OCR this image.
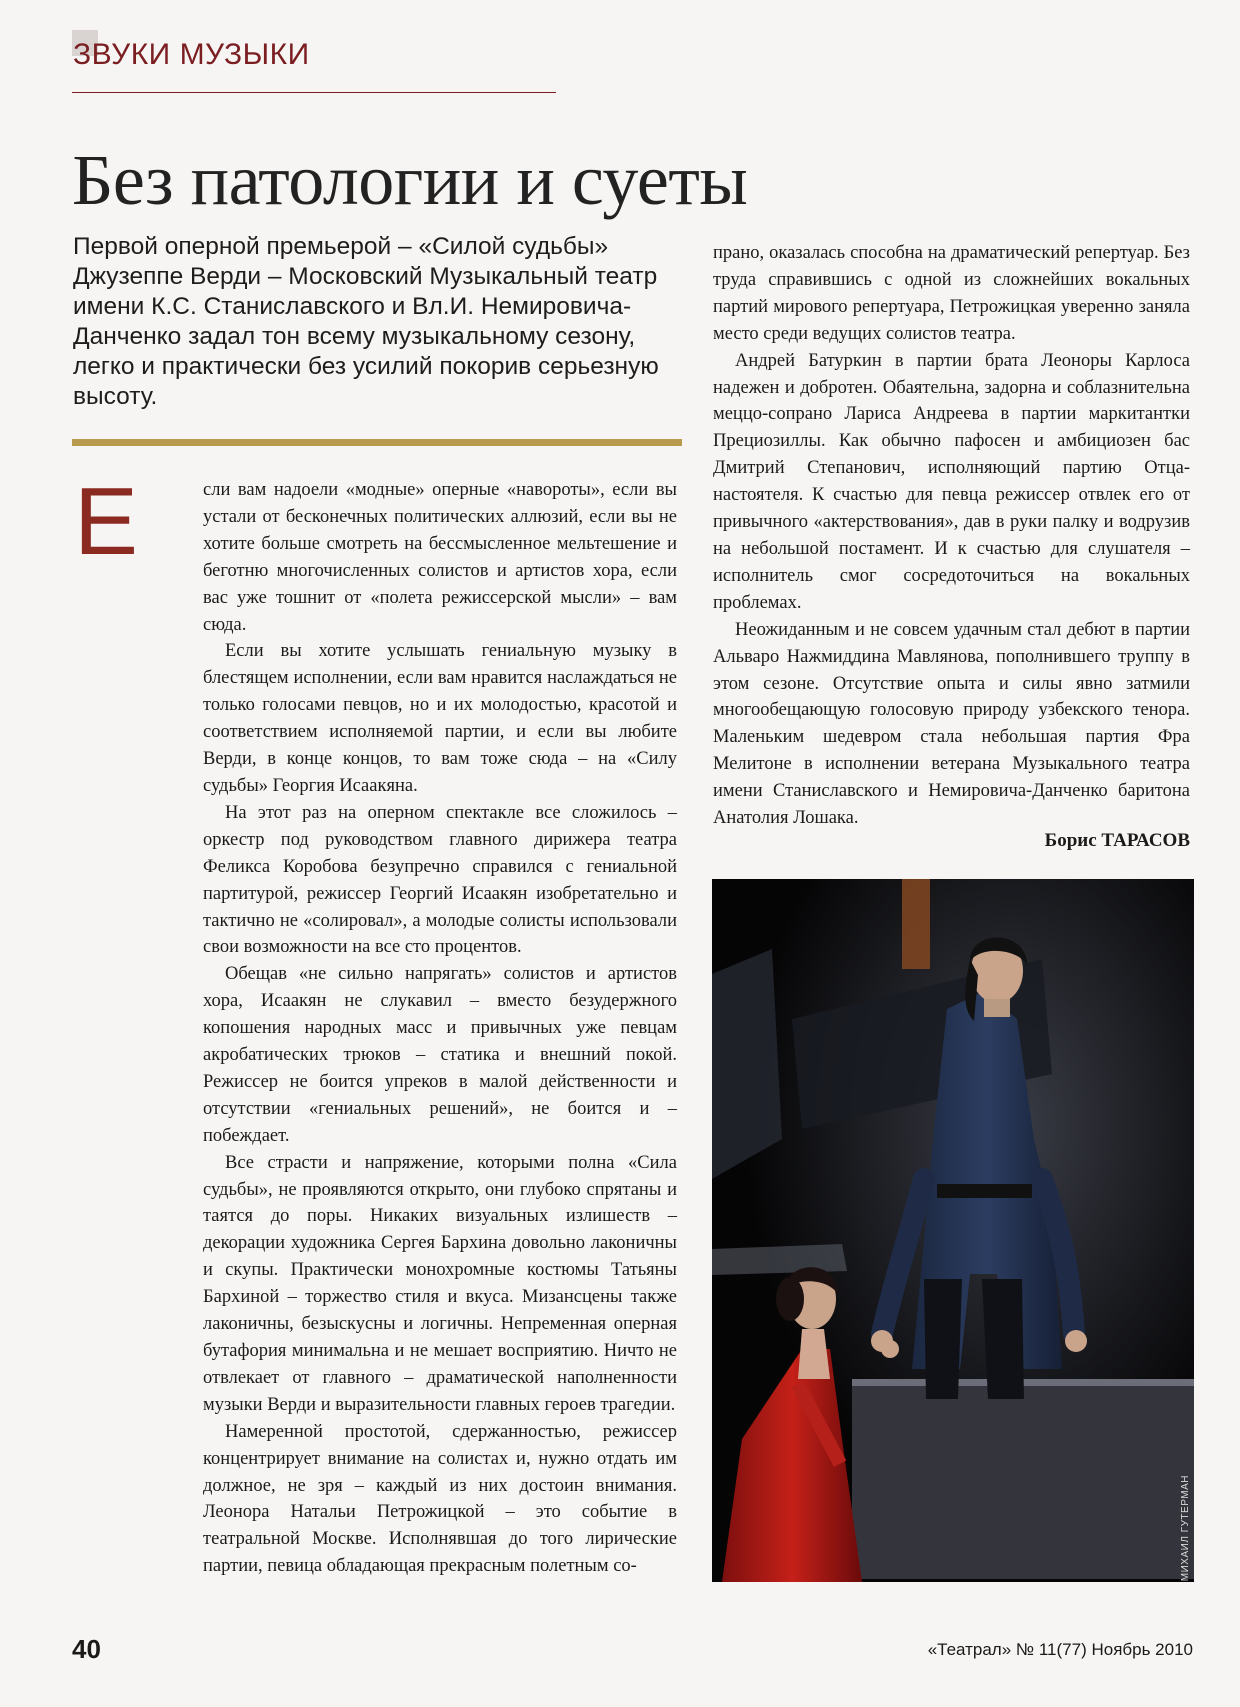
ЗВУКИ МУЗЫКИ
Без патологии и суеты

Первой оперной премьерой – «Силой судьбы» Джузеппе Верди – Московский Музыкальный театр имени К.С. Станиславского и Вл.И. Немировича-Данченко задал тон всему музыкальному сезону, легко и практически без усилий покорив серьезную высоту.

Е	сли вам надоели «модные» оперные «навороты», если вы устали от бесконечных политических аллюзий, если вы не хотите больше смотреть на бессмысленное мельтешение и беготню многочисленных солистов и артистов хора, если вас уже тошнит от «полета режиссерской мысли» – вам сюда.

Если вы хотите услышать гениальную музыку в блестящем исполнении, если вам нравится наслаждаться не только голосами певцов, но и их молодостью, красотой и соответствием исполняемой партии, и если вы любите Верди, в конце концов, то вам тоже сюда – на «Силу судьбы» Георгия Исаакяна.

На этот раз на оперном спектакле все сложилось – оркестр под руководством главного дирижера театра Феликса Коробова безупречно справился с гениальной партитурой, режиссер Георгий Исаакян изобретательно и тактично не «солировал», а молодые солисты использовали свои возможности на все сто процентов.

Обещав «не сильно напрягать» солистов и артистов хора, Исаакян не слукавил – вместо безудержного копошения народных масс и привычных уже певцам акробатических трюков – статика и внешний покой. Режиссер не боится упреков в малой действенности и отсутствии «гениальных решений», не боится и – побеждает.

Все страсти и напряжение, которыми полна «Сила судьбы», не проявляются открыто, они глубоко спрятаны и таятся до поры. Никаких визуальных излишеств – декорации художника Сергея Бархина довольно лаконичны и скупы. Практически монохромные костюмы Татьяны Бархиной – торжество стиля и вкуса. Мизансцены также лаконичны, безыскусны и логичны. Непременная оперная бутафория минимальна и не мешает восприятию. Ничто не отвлекает от главного – драматической наполненности музыки Верди и выразительности главных героев трагедии.

Намеренной простотой, сдержанностью, режиссер концентрирует внимание на солистах и, нужно отдать им должное, не зря – каждый из них достоин внимания. Леонора Натальи Петрожицкой – это событие в театральной Москве. Исполнявшая до того лирические партии, певица обладающая прекрасным полетным со-

прано, оказалась способна на драматический репертуар. Без труда справившись с одной из сложнейших вокальных партий мирового репертуара, Петрожицкая уверенно заняла место среди ведущих солистов театра.

Андрей Батуркин в партии брата Леоноры Карлоса надежен и добротен. Обаятельна, задорна и соблазнительна меццо-сопрано Лариса Андреева в партии маркитантки Прециозиллы. Как обычно пафосен и амбициозен бас Дмитрий Степанович, исполняющий партию Отца-настоятеля. К счастью для певца режиссер отвлек его от привычного «актерствования», дав в руки палку и водрузив на небольшой постамент. И к счастью для слушателя – исполнитель смог сосредоточиться на вокальных проблемах.

Неожиданным и не совсем удачным стал дебют в партии Альваро Нажмиддина Мавлянова, пополнившего труппу в этом сезоне. Отсутствие опыта и силы явно затмили многообещающую голосовую природу узбекского тенора. Маленьким шедевром стала небольшая партия Фра Мелитоне в исполнении ветерана Музыкального театра имени Станиславского и Немировича-Данченко баритона Анатолия Лошака.

Борис ТАРАСОВ
МИХАИЛ ГУТЕРМАН
40	«Театрал» № 11(77) Ноябрь 2010
